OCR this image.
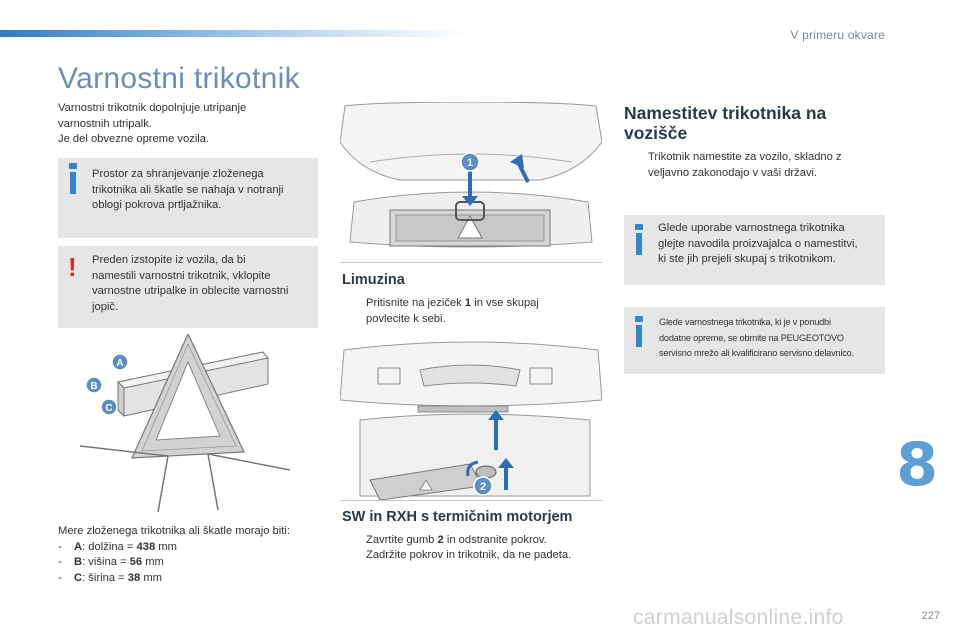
V primeru okvare
Varnostni trikotnik
Varnostni trikotnik dopolnjuje utripanje
varnostnih utripalk.
Je del obvezne opreme vozila.
Prostor za shranjevanje zloženega
trikotnika ali škatle se nahaja v notranji
oblogi pokrova prtljažnika.
! Preden izstopite iz vozila, da bi
namestili varnostni trikotnik, vklopite
varnostne utripalke in oblecite varnostni
jopič.
A
B
C
Mere zloženega trikotnika ali škatle morajo biti:
- A: dolžina = 438 mm
- B: višina = 56 mm
- C: širina = 38 mm
1
Limuzina
Pritisnite na jeziček 1 in vse skupaj
povlecite k sebi.
2
SW in RXH s termičnim motorjem
Zavrtite gumb 2 in odstranite pokrov.
Zadržite pokrov in trikotnik, da ne padeta.
Namestitev trikotnika na
vozišče
Trikotnik namestite za vozilo, skladno z
veljavno zakonodajo v vaši državi.
Glede uporabe varnostnega trikotnika
glejte navodila proizvajalca o namestitvi,
ki ste jih prejeli skupaj s trikotnikom.
Glede varnostnega trikotnika, ki je v ponudbi
dodatne opreme, se obrnite na PEUGEOTOVO
servisno mrežo ali kvalificirano servisno delavnico.
8
carmanualsonline.info	227
